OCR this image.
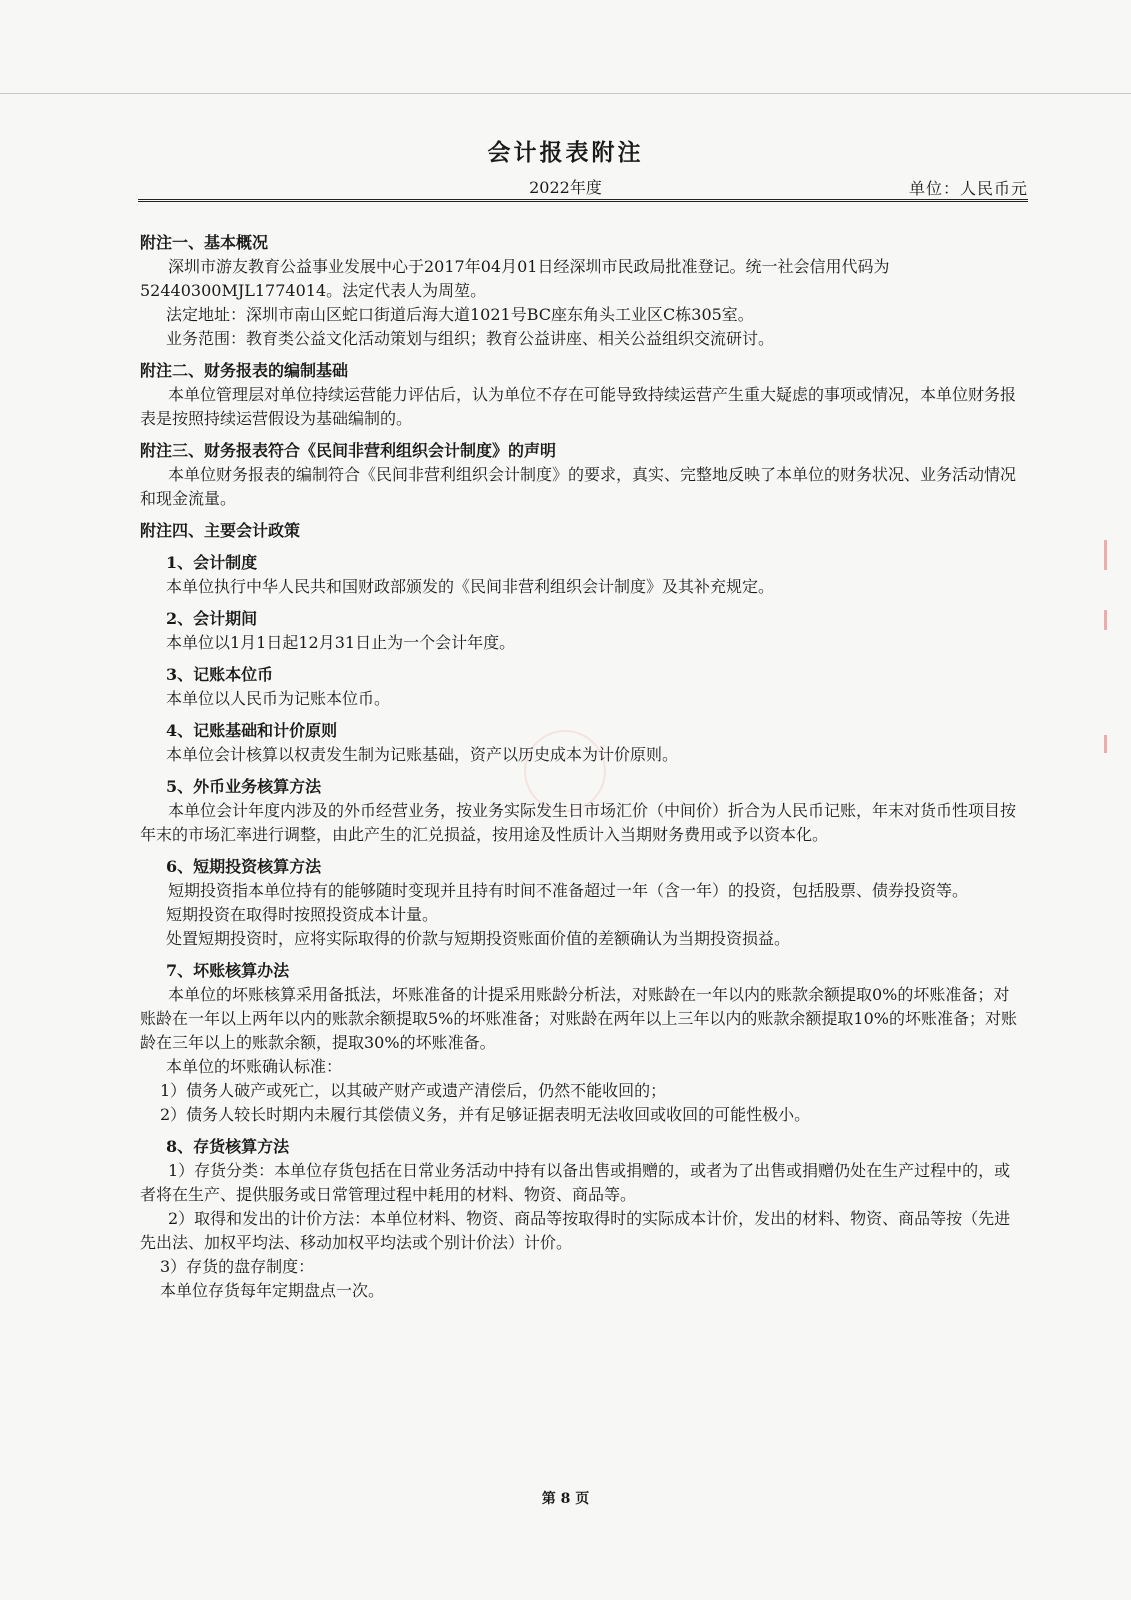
会计报表附注
2022年度	单位：人民币元
附注一、基本概况
深圳市游友教育公益事业发展中心于2017年04月01日经深圳市民政局批准登记。统一社会信用代码为52440300MJL1774014。法定代表人为周堃。
法定地址：深圳市南山区蛇口街道后海大道1021号BC座东角头工业区C栋305室。
业务范围：教育类公益文化活动策划与组织；教育公益讲座、相关公益组织交流研讨。
附注二、财务报表的编制基础
本单位管理层对单位持续运营能力评估后，认为单位不存在可能导致持续运营产生重大疑虑的事项或情况，本单位财务报表是按照持续运营假设为基础编制的。
附注三、财务报表符合《民间非营利组织会计制度》的声明
本单位财务报表的编制符合《民间非营利组织会计制度》的要求，真实、完整地反映了本单位的财务状况、业务活动情况和现金流量。
附注四、主要会计政策
1、会计制度
本单位执行中华人民共和国财政部颁发的《民间非营利组织会计制度》及其补充规定。
2、会计期间
本单位以1月1日起12月31日止为一个会计年度。
3、记账本位币
本单位以人民币为记账本位币。
4、记账基础和计价原则
本单位会计核算以权责发生制为记账基础，资产以历史成本为计价原则。
5、外币业务核算方法
本单位会计年度内涉及的外币经营业务，按业务实际发生日市场汇价（中间价）折合为人民币记账，年末对货币性项目按年末的市场汇率进行调整，由此产生的汇兑损益，按用途及性质计入当期财务费用或予以资本化。
6、短期投资核算方法
短期投资指本单位持有的能够随时变现并且持有时间不准备超过一年（含一年）的投资，包括股票、债券投资等。
短期投资在取得时按照投资成本计量。
处置短期投资时，应将实际取得的价款与短期投资账面价值的差额确认为当期投资损益。
7、坏账核算办法
本单位的坏账核算采用备抵法，坏账准备的计提采用账龄分析法，对账龄在一年以内的账款余额提取0%的坏账准备；对账龄在一年以上两年以内的账款余额提取5%的坏账准备；对账龄在两年以上三年以内的账款余额提取10%的坏账准备；对账龄在三年以上的账款余额，提取30%的坏账准备。
本单位的坏账确认标准：
1）债务人破产或死亡，以其破产财产或遗产清偿后，仍然不能收回的；
2）债务人较长时期内未履行其偿债义务，并有足够证据表明无法收回或收回的可能性极小。
8、存货核算方法
1）存货分类：本单位存货包括在日常业务活动中持有以备出售或捐赠的，或者为了出售或捐赠仍处在生产过程中的，或者将在生产、提供服务或日常管理过程中耗用的材料、物资、商品等。
2）取得和发出的计价方法：本单位材料、物资、商品等按取得时的实际成本计价，发出的材料、物资、商品等按（先进先出法、加权平均法、移动加权平均法或个别计价法）计价。
3）存货的盘存制度：
本单位存货每年定期盘点一次。
第 8 页
